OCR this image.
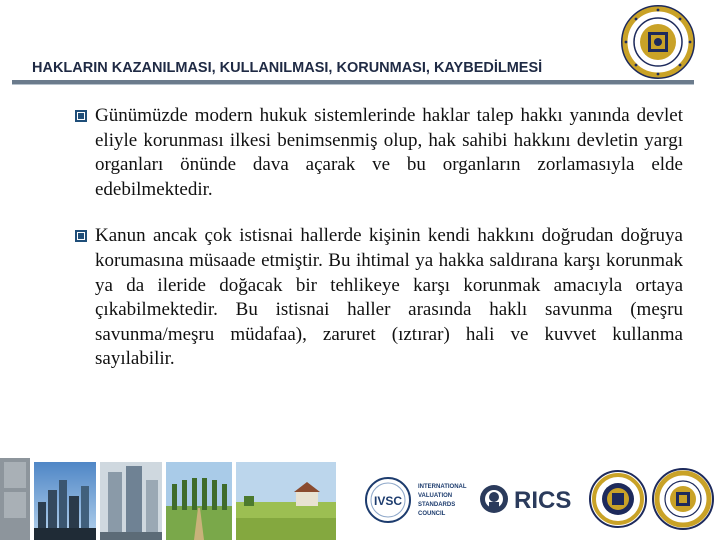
HAKLARIN KAZANILMASI, KULLANILMASI, KORUNMASI, KAYBEDİLMESİ
Günümüzde modern hukuk sistemlerinde haklar talep hakkı yanında devlet eliyle korunması ilkesi benimsenmiş olup, hak sahibi hakkını devletin yargı organları önünde dava açarak ve bu organların zorlamasıyla elde edebilmektedir.
Kanun ancak çok istisnai hallerde kişinin kendi hakkını doğrudan doğruya korumasına müsaade etmiştir. Bu ihtimal ya hakka saldırana karşı korunmak ya da ileride doğacak bir tehlikeye karşı korunmak amacıyla ortaya çıkabilmektedir. Bu istisnai haller arasında haklı savunma (meşru savunma/meşru müdafaa), zaruret (ıztırar) hali ve kuvvet kullanma sayılabilir.
IVSC
INTERNATIONAL
VALUATION
STANDARDS
COUNCIL	RICS
